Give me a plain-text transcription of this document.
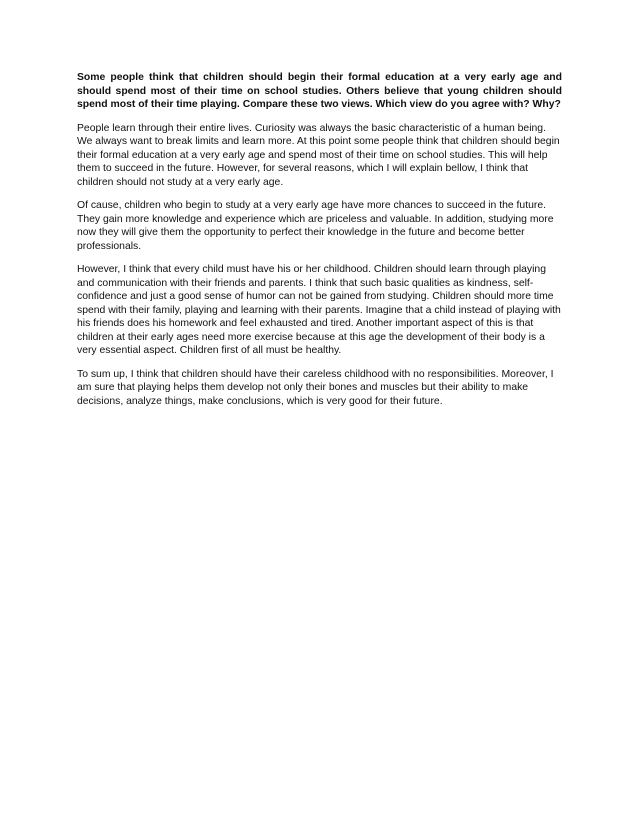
Some people think that children should begin their formal education at a very early age and should spend most of their time on school studies. Others believe that young children should spend most of their time playing. Compare these two views. Which view do you agree with? Why?

People learn through their entire lives. Curiosity was always the basic characteristic of a human being. We always want to break limits and learn more. At this point some people think that children should begin their formal education at a very early age and spend most of their time on school studies. This will help them to succeed in the future. However, for several reasons, which I will explain bellow, I think that children should not study at a very early age.

Of cause, children who begin to study at a very early age have more chances to succeed in the future. They gain more knowledge and experience which are priceless and valuable. In addition, studying more now they will give them the opportunity to perfect their knowledge in the future and become better professionals.

However, I think that every child must have his or her childhood. Children should learn through playing and communication with their friends and parents. I think that such basic qualities as kindness, self-confidence and just a good sense of humor can not be gained from studying. Children should more time spend with their family, playing and learning with their parents. Imagine that a child instead of playing with his friends does his homework and feel exhausted and tired. Another important aspect of this is that children at their early ages need more exercise because at this age the development of their body is a very essential aspect. Children first of all must be healthy.

To sum up, I think that children should have their careless childhood with no responsibilities. Moreover, I am sure that playing helps them develop not only their bones and muscles but their ability to make decisions, analyze things, make conclusions, which is very good for their future.
